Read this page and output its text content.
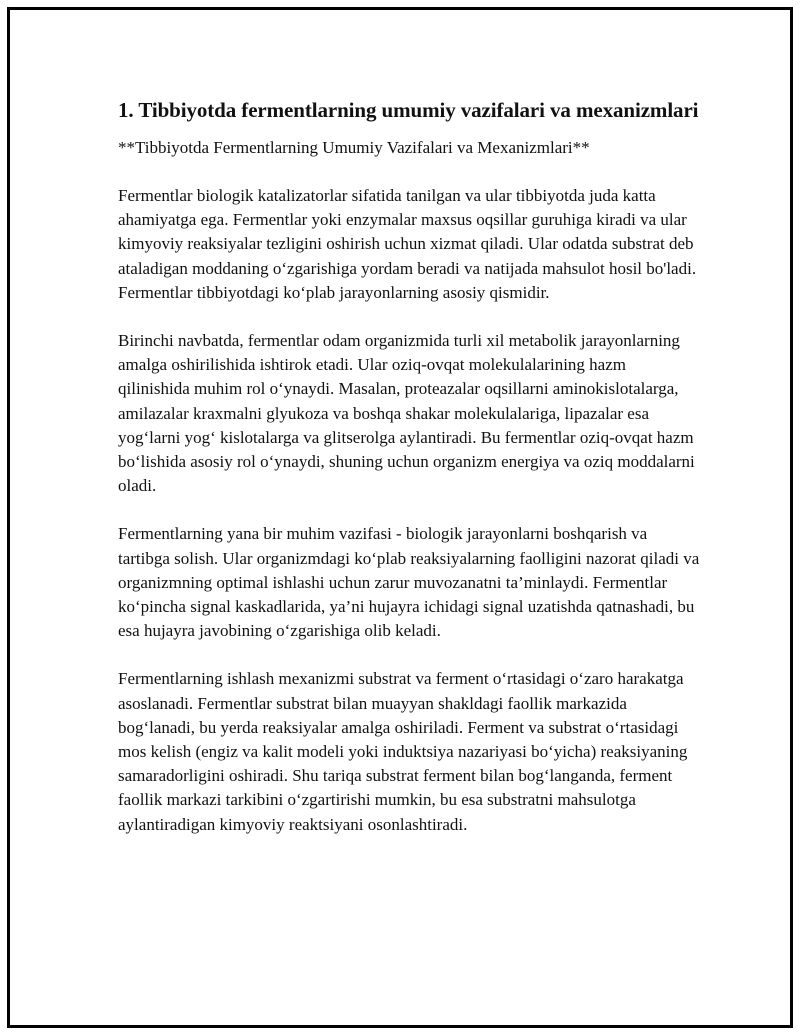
1. Tibbiyotda fermentlarning umumiy vazifalari va mexanizmlari

**Tibbiyotda Fermentlarning Umumiy Vazifalari va Mexanizmlari**

Fermentlar biologik katalizatorlar sifatida tanilgan va ular tibbiyotda juda katta ahamiyatga ega. Fermentlar yoki enzymalar maxsus oqsillar guruhiga kiradi va ular kimyoviy reaksiyalar tezligini oshirish uchun xizmat qiladi. Ular odatda substrat deb ataladigan moddaning o‘zgarishiga yordam beradi va natijada mahsulot hosil bo'ladi. Fermentlar tibbiyotdagi ko‘plab jarayonlarning asosiy qismidir.

Birinchi navbatda, fermentlar odam organizmida turli xil metabolik jarayonlarning amalga oshirilishida ishtirok etadi. Ular oziq-ovqat molekulalarining hazm qilinishida muhim rol o‘ynaydi. Masalan, proteazalar oqsillarni aminokislotalarga, amilazalar kraxmalni glyukoza va boshqa shakar molekulalariga, lipazalar esa yog‘larni yog‘ kislotalarga va glitserolga aylantiradi. Bu fermentlar oziq-ovqat hazm bo‘lishida asosiy rol o‘ynaydi, shuning uchun organizm energiya va oziq moddalarni oladi.

Fermentlarning yana bir muhim vazifasi - biologik jarayonlarni boshqarish va tartibga solish. Ular organizmdagi ko‘plab reaksiyalarning faolligini nazorat qiladi va organizmning optimal ishlashi uchun zarur muvozanatni ta’minlaydi. Fermentlar ko‘pincha signal kaskadlarida, ya’ni hujayra ichidagi signal uzatishda qatnashadi, bu esa hujayra javobining o‘zgarishiga olib keladi.

Fermentlarning ishlash mexanizmi substrat va ferment o‘rtasidagi o‘zaro harakatga asoslanadi. Fermentlar substrat bilan muayyan shakldagi faollik markazida bog‘lanadi, bu yerda reaksiyalar amalga oshiriladi. Ferment va substrat o‘rtasidagi mos kelish (engiz va kalit modeli yoki induktsiya nazariyasi bo‘yicha) reaksiyaning samaradorligini oshiradi. Shu tariqa substrat ferment bilan bog‘langanda, ferment faollik markazi tarkibini o‘zgartirishi mumkin, bu esa substratni mahsulotga aylantiradigan kimyoviy reaktsiyani osonlashtiradi.
